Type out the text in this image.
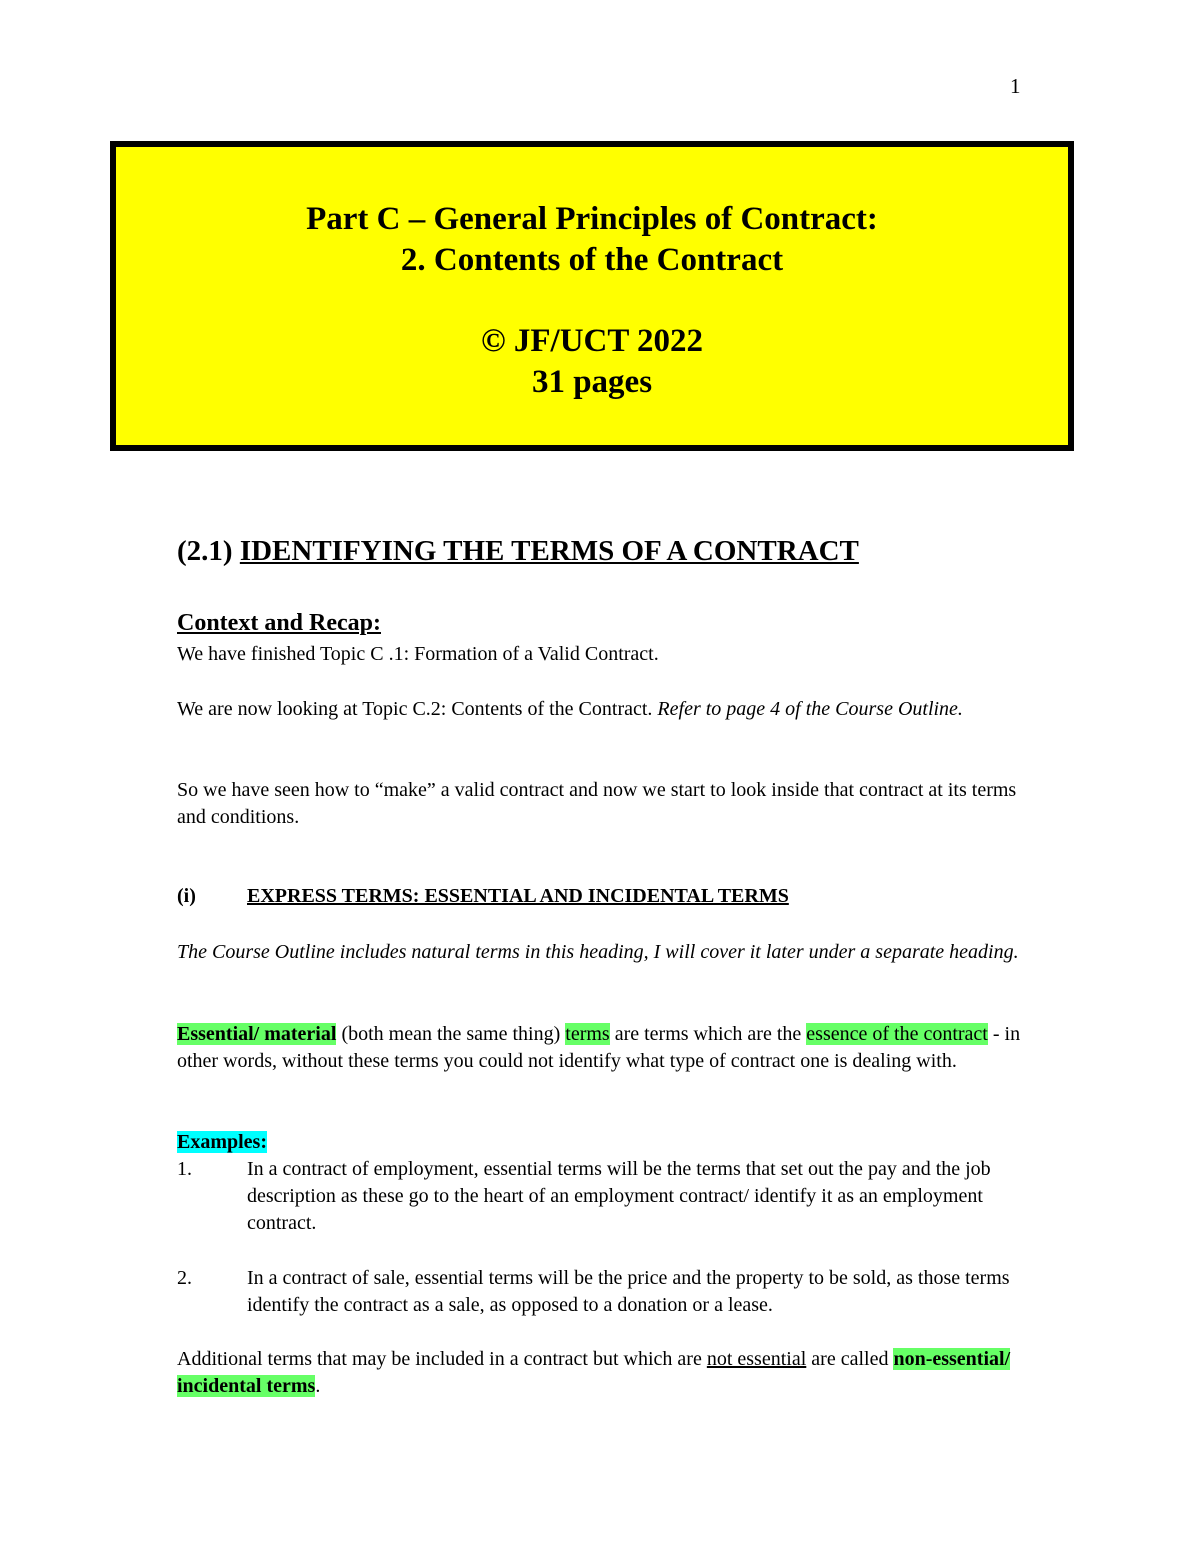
1
Part C – General Principles of Contract:
2. Contents of the Contract
© JF/UCT 2022
31 pages
(2.1) IDENTIFYING THE TERMS OF A CONTRACT
Context and Recap:

We have finished Topic C .1: Formation of a Valid Contract.

We are now looking at Topic C.2: Contents of the Contract. Refer to page 4 of the Course Outline.

So we have seen how to “make” a valid contract and now we start to look inside that contract at its terms and conditions.

(i)	EXPRESS TERMS: ESSENTIAL AND INCIDENTAL TERMS

The Course Outline includes natural terms in this heading, I will cover it later under a separate heading.

Essential/ material (both mean the same thing) terms are terms which are the essence of the contract - in other words, without these terms you could not identify what type of contract one is dealing with.

Examples:

1.	In a contract of employment, essential terms will be the terms that set out the pay and the job description as these go to the heart of an employment contract/ identify it as an employment contract.

2.	In a contract of sale, essential terms will be the price and the property to be sold, as those terms identify the contract as a sale, as opposed to a donation or a lease.

Additional terms that may be included in a contract but which are not essential are called non-essential/ incidental terms.
